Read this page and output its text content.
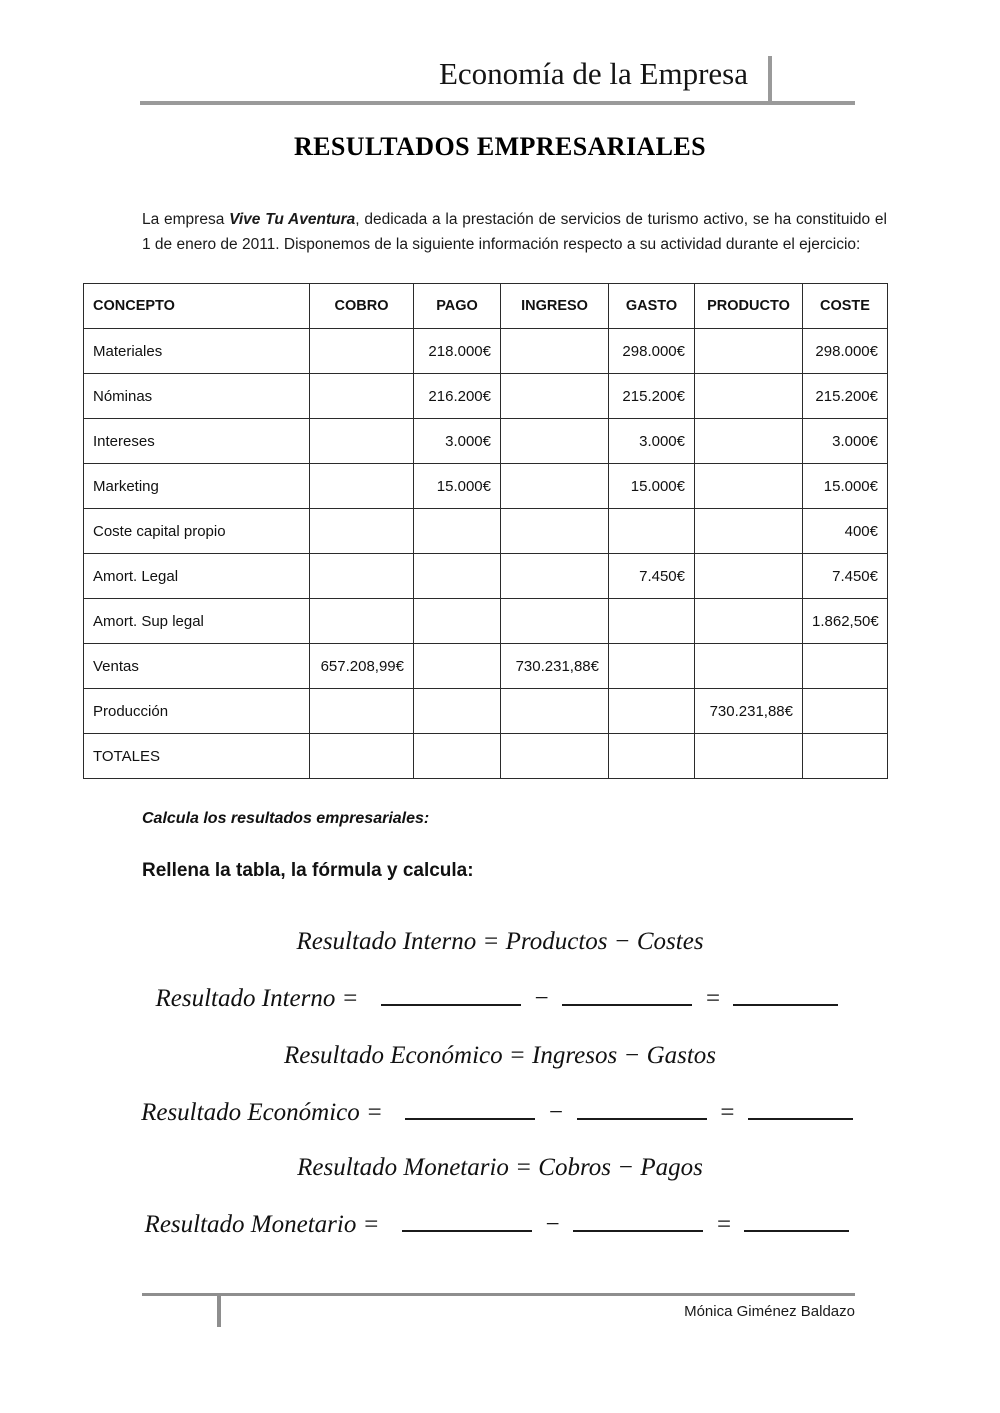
Economía de la Empresa
RESULTADOS EMPRESARIALES

La empresa Vive Tu Aventura, dedicada a la prestación de servicios de turismo activo, se ha constituido el 1 de enero de 2011. Disponemos de la siguiente información respecto a su actividad durante el ejercicio:

CONCEPTO	COBRO	PAGO	INGRESO	GASTO	PRODUCTO	COSTE
Materiales		218.000€		298.000€		298.000€
Nóminas		216.200€		215.200€		215.200€
Intereses		3.000€		3.000€		3.000€
Marketing		15.000€		15.000€		15.000€
Coste capital propio						400€
Amort. Legal				7.450€		7.450€
Amort. Sup legal						1.862,50€
Ventas	657.208,99€		730.231,88€			
Producción					730.231,88€	
TOTALES						
Calcula los resultados empresariales:
Rellena la tabla, la fórmula y calcula:
Resultado Interno = Productos − Costes
Resultado Interno =	−	=
Resultado Económico = Ingresos − Gastos
Resultado Económico =	−	=
Resultado Monetario = Cobros − Pagos
Resultado Monetario =	−	=
Mónica Giménez Baldazo
